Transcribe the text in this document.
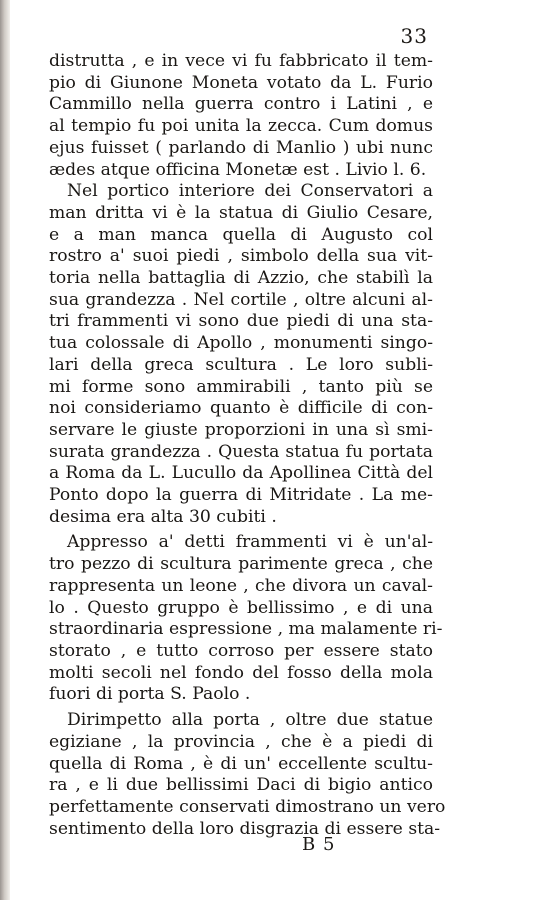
33
distrutta , e in vece vi fu fabbricato il tem-
pio di Giunone Moneta votato da L. Furio
Cammillo nella guerra contro i Latini , e
al tempio fu poi unita la zecca. Cum domus
ejus fuisset ( parlando di Manlio ) ubi nunc
ædes atque officina Monetæ est . Livio l. 6.
Nel portico interiore dei Conservatori a
man dritta vi è la statua di Giulio Cesare,
e a man manca quella di Augusto col
rostro a' suoi piedi , simbolo della sua vit-
toria nella battaglia di Azzio, che stabilì la
sua grandezza . Nel cortile , oltre alcuni al-
tri frammenti vi sono due piedi di una sta-
tua colossale di Apollo , monumenti singo-
lari della greca scultura . Le loro subli-
mi forme sono ammirabili , tanto più se
noi consideriamo quanto è difficile di con-
servare le giuste proporzioni in una sì smi-
surata grandezza . Questa statua fu portata
a Roma da L. Lucullo da Apollinea Città del
Ponto dopo la guerra di Mitridate . La me-
desima era alta 30 cubiti .
Appresso a' detti frammenti vi è un'al-
tro pezzo di scultura parimente greca , che
rappresenta un leone , che divora un caval-
lo . Questo gruppo è bellissimo , e di una
straordinaria espressione , ma malamente ri-
storato , e tutto corroso per essere stato
molti secoli nel fondo del fosso della mola
fuori di porta S. Paolo .
Dirimpetto alla porta , oltre due statue
egiziane , la provincia , che è a piedi di
quella di Roma , è di un' eccellente scultu-
ra , e li due bellissimi Daci di bigio antico
perfettamente conservati dimostrano un vero
sentimento della loro disgrazia di essere sta-
B 5
